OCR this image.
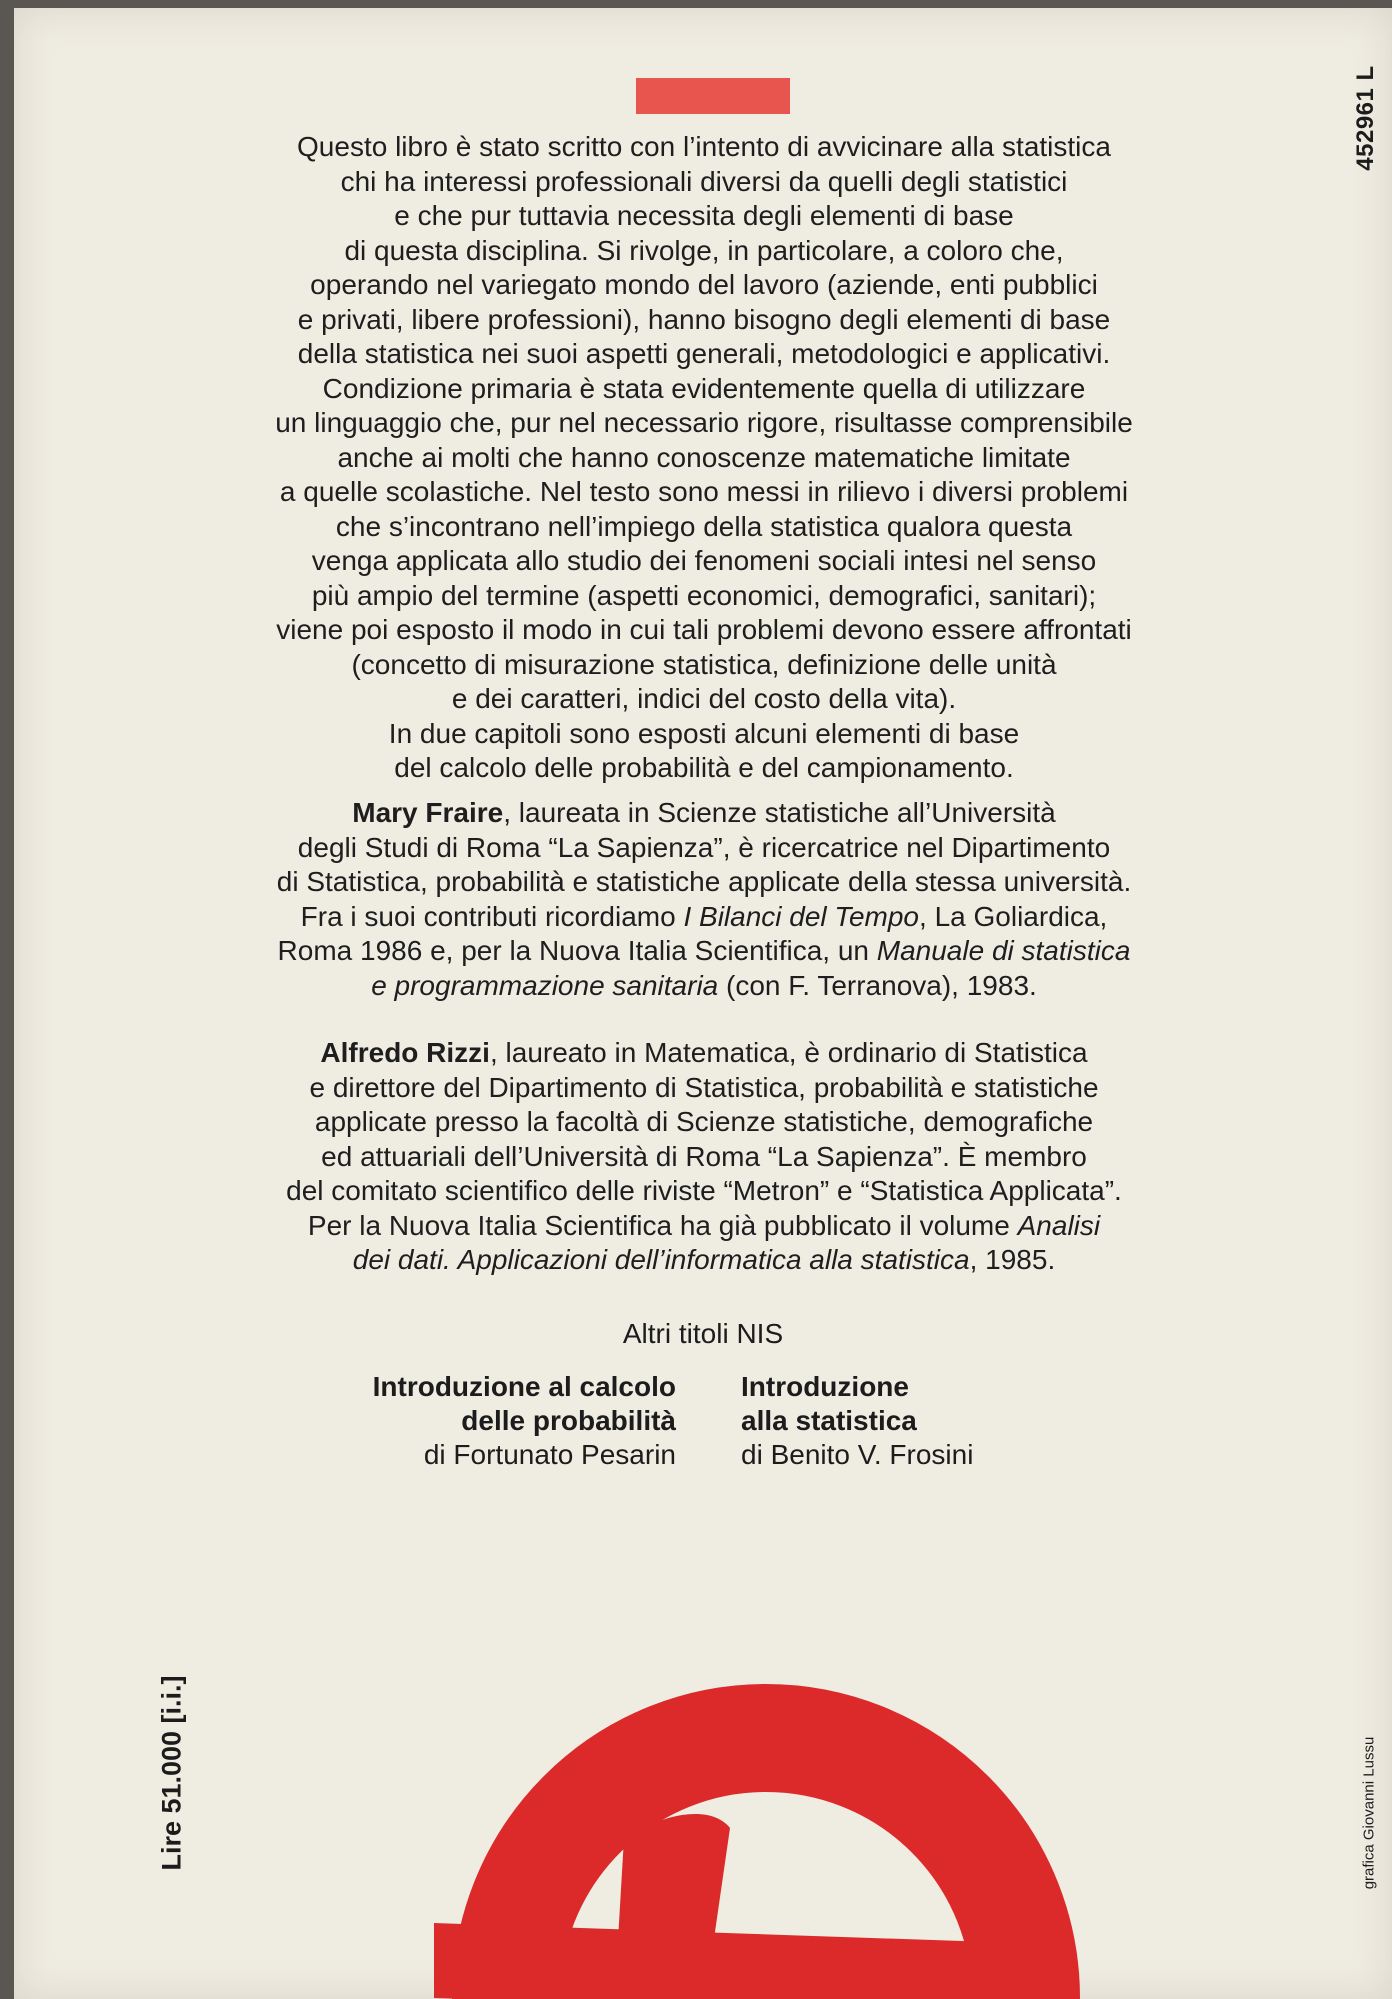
452961 L

Questo libro è stato scritto con l’intento di avvicinare alla statistica
chi ha interessi professionali diversi da quelli degli statistici
e che pur tuttavia necessita degli elementi di base
di questa disciplina. Si rivolge, in particolare, a coloro che,
operando nel variegato mondo del lavoro (aziende, enti pubblici
e privati, libere professioni), hanno bisogno degli elementi di base
della statistica nei suoi aspetti generali, metodologici e applicativi.
Condizione primaria è stata evidentemente quella di utilizzare
un linguaggio che, pur nel necessario rigore, risultasse comprensibile
anche ai molti che hanno conoscenze matematiche limitate
a quelle scolastiche. Nel testo sono messi in rilievo i diversi problemi
che s’incontrano nell’impiego della statistica qualora questa
venga applicata allo studio dei fenomeni sociali intesi nel senso
più ampio del termine (aspetti economici, demografici, sanitari);
viene poi esposto il modo in cui tali problemi devono essere affrontati
(concetto di misurazione statistica, definizione delle unità
e dei caratteri, indici del costo della vita).
In due capitoli sono esposti alcuni elementi di base
del calcolo delle probabilità e del campionamento.

Mary Fraire, laureata in Scienze statistiche all’Università
degli Studi di Roma “La Sapienza”, è ricercatrice nel Dipartimento
di Statistica, probabilità e statistiche applicate della stessa università.
Fra i suoi contributi ricordiamo I Bilanci del Tempo, La Goliardica,
Roma 1986 e, per la Nuova Italia Scientifica, un Manuale di statistica
e programmazione sanitaria (con F. Terranova), 1983.

Alfredo Rizzi, laureato in Matematica, è ordinario di Statistica
e direttore del Dipartimento di Statistica, probabilità e statistiche
applicate presso la facoltà di Scienze statistiche, demografiche
ed attuariali dell’Università di Roma “La Sapienza”. È membro
del comitato scientifico delle riviste “Metron” e “Statistica Applicata”.
Per la Nuova Italia Scientifica ha già pubblicato il volume Analisi
dei dati. Applicazioni dell’informatica alla statistica, 1985.

Altri titoli NIS
Introduzione al calcolo
delle probabilità
di Fortunato Pesarin
Introduzione
alla statistica
di Benito V. Frosini
Lire 51.000 [i.i.]	grafica Giovanni Lussu
